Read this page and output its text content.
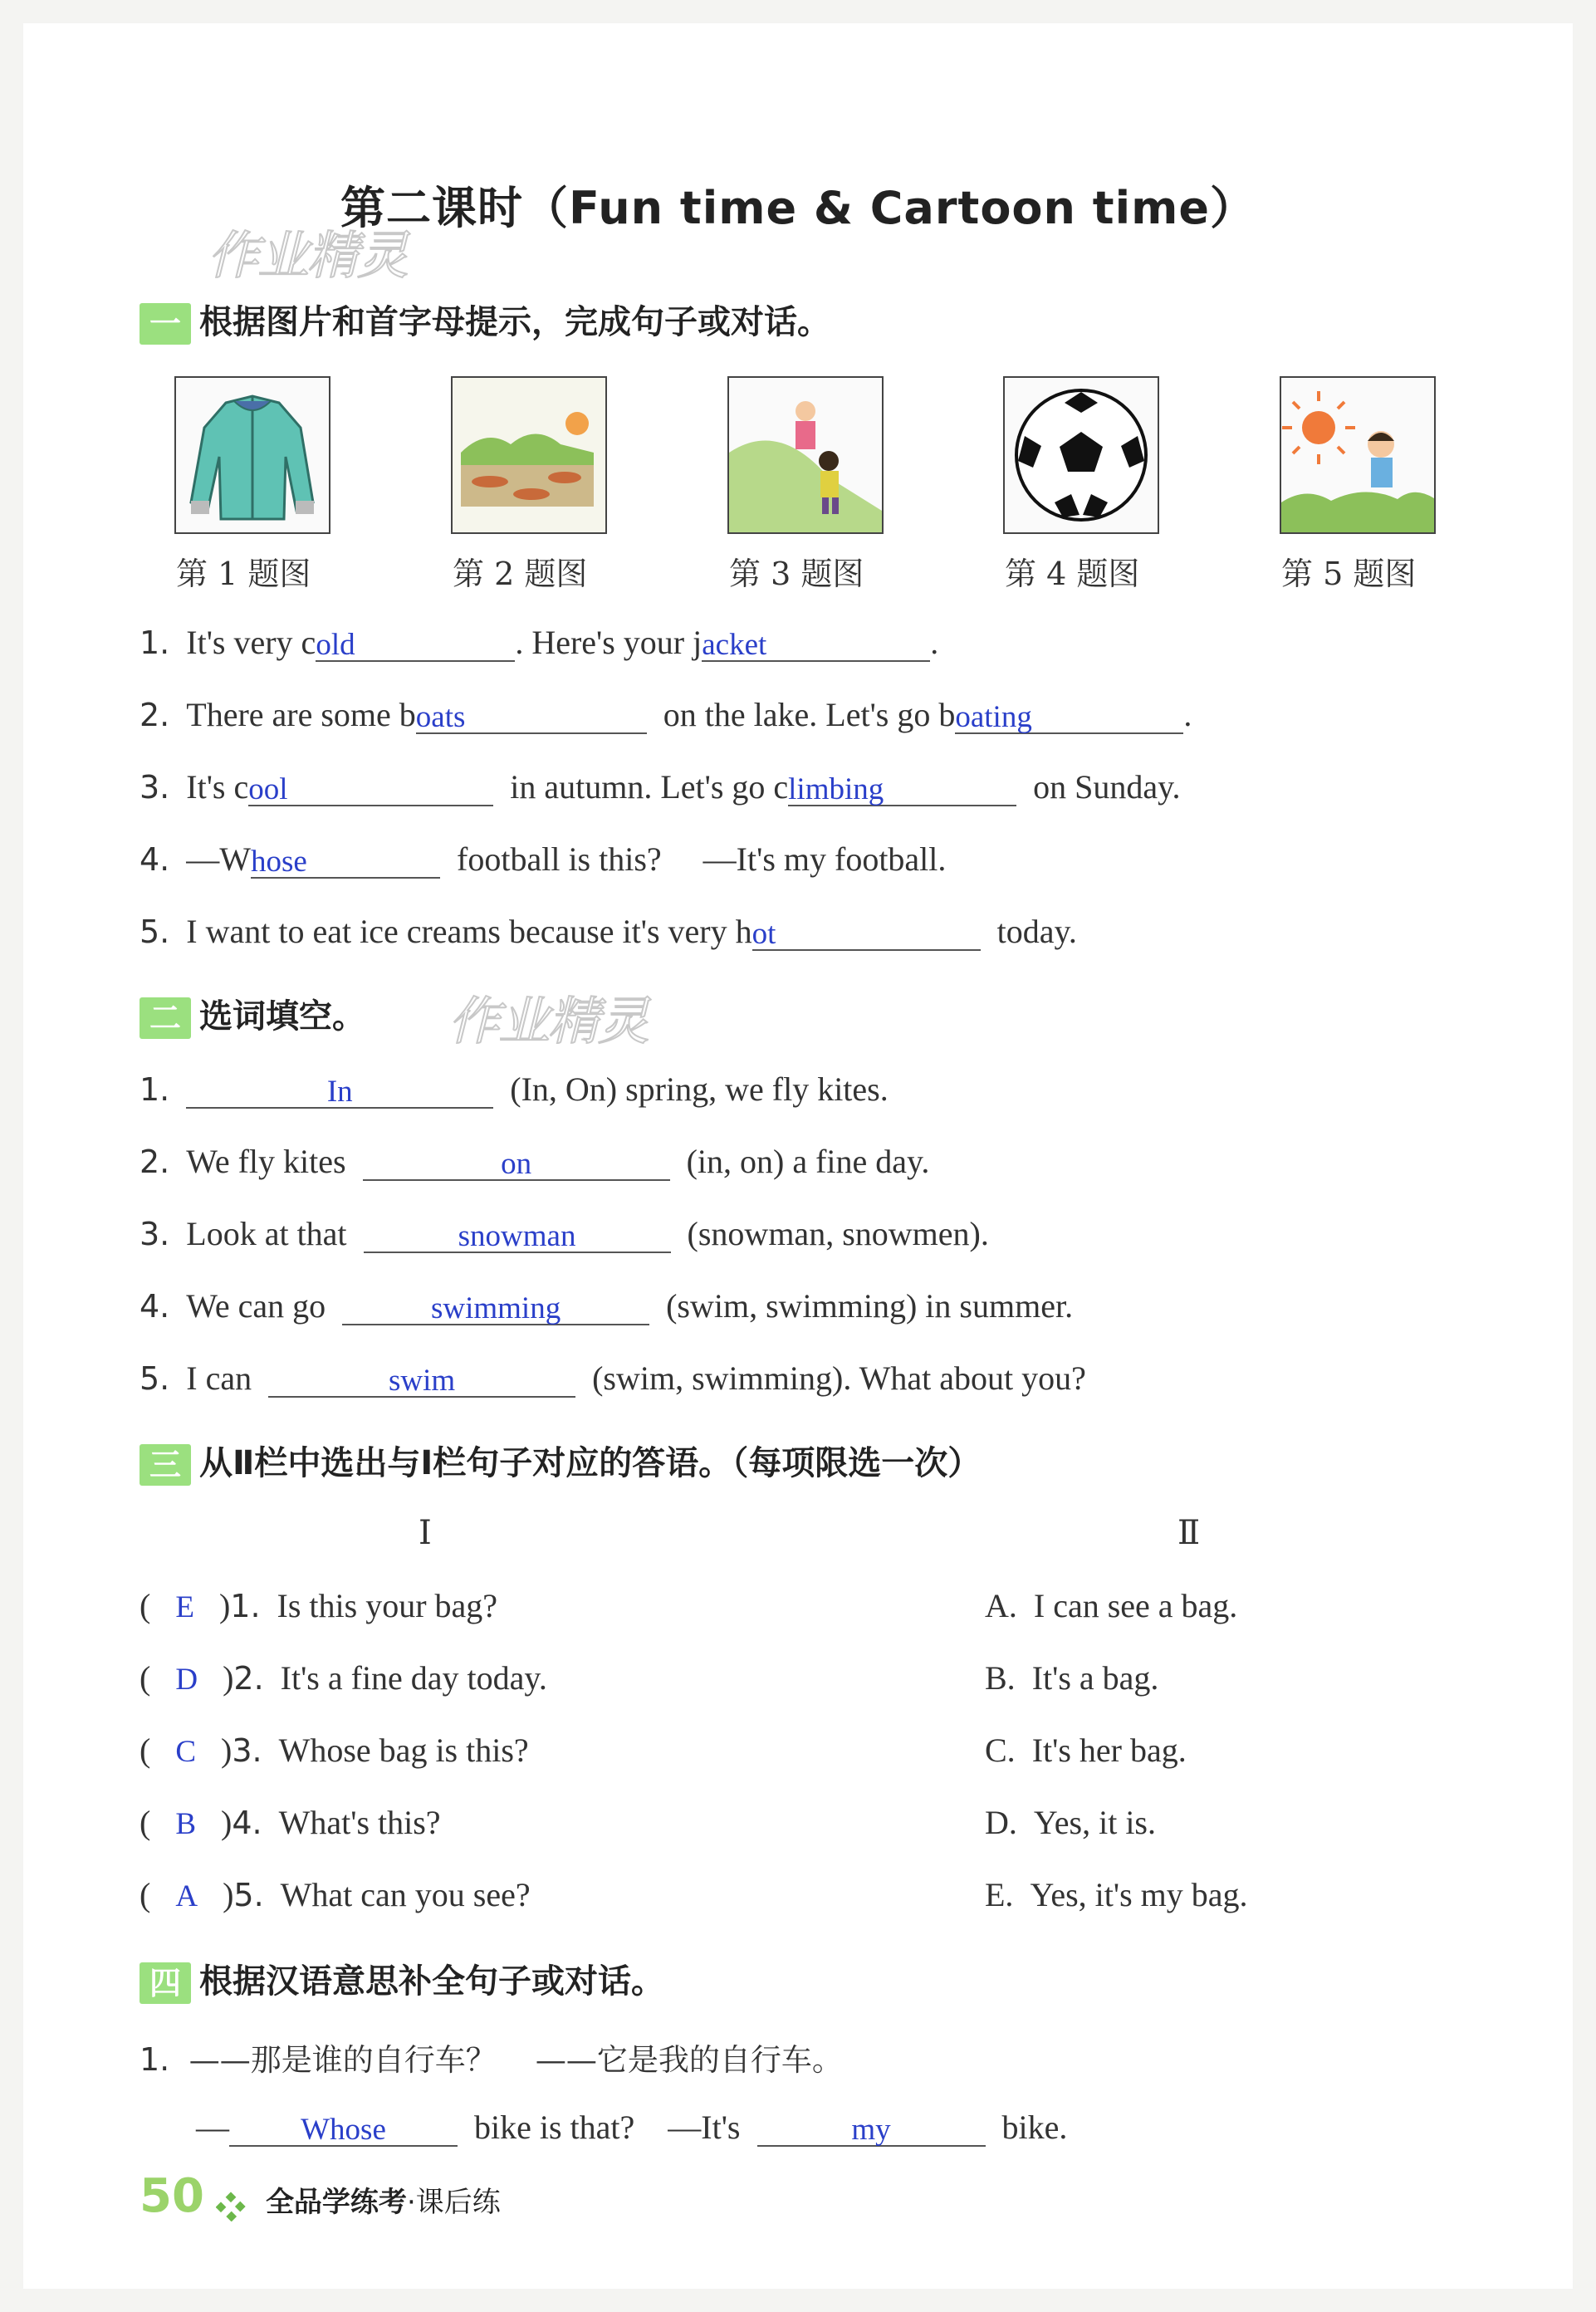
第二课时（Fun time & Cartoon time）
作业精灵
一 根据图片和首字母提示，完成句子或对话。
第 1 题图	第 2 题图	第 3 题图	第 4 题图	第 5 题图
1. It's very cold	. Here's your jacket	.
2. There are some boats	on the lake. Let's go boating	.
3. It's cool	in autumn. Let's go climbing	on Sunday.
4. —Whose	football is this? —It's my football.
5. I want to eat ice creams because it's very hot	today.
二 选词填空。 作业精灵
1.	In	(In, On) spring, we fly kites.
2. We fly kites	on	(in, on) a fine day.
3. Look at that	snowman	(snowman, snowmen).
4. We can go	swimming	(swim, swimming) in summer.
5. I can	swim	(swim, swimming). What about you?
三 从Ⅱ栏中选出与Ⅰ栏句子对应的答语。（每项限选一次）
Ⅰ	Ⅱ
( E )1. Is this your bag?	A. I can see a bag.
( D )2. It's a fine day today.	B. It's a bag.
( C )3. Whose bag is this?	C. It's her bag.
( B )4. What's this?	D. Yes, it is.
( A )5. What can you see?	E. Yes, it's my bag.
四 根据汉语意思补全句子或对话。
1. ——那是谁的自行车？ ——它是我的自行车。
— Whose	bike is that? —It's	my	bike.
50 全品学练考·课后练
